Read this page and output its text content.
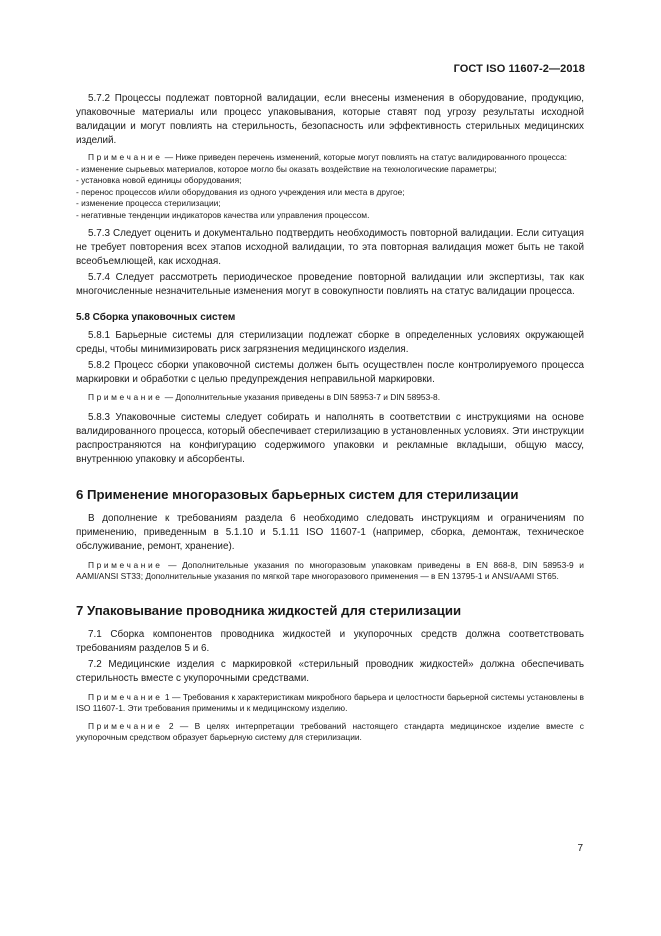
ГОСТ ISO 11607-2—2018

5.7.2 Процессы подлежат повторной валидации, если внесены изменения в оборудование, продукцию, упаковочные материалы или процесс упаковывания, которые ставят под угрозу результаты исходной валидации и могут повлиять на стерильность, безопасность или эффективность стерильных медицинских изделий.

Примечание — Ниже приведен перечень изменений, которые могут повлиять на статус валидированного процесса:

- изменение сырьевых материалов, которое могло бы оказать воздействие на технологические параметры;
- установка новой единицы оборудования;
- перенос процессов и/или оборудования из одного учреждения или места в другое;
- изменение процесса стерилизации;
- негативные тенденции индикаторов качества или управления процессом.

5.7.3 Следует оценить и документально подтвердить необходимость повторной валидации. Если ситуация не требует повторения всех этапов исходной валидации, то эта повторная валидация может быть не такой всеобъемлющей, как исходная.

5.7.4 Следует рассмотреть периодическое проведение повторной валидации или экспертизы, так как многочисленные незначительные изменения могут в совокупности повлиять на статус валидации процесса.

5.8 Сборка упаковочных систем

5.8.1 Барьерные системы для стерилизации подлежат сборке в определенных условиях окружающей среды, чтобы минимизировать риск загрязнения медицинского изделия.

5.8.2 Процесс сборки упаковочной системы должен быть осуществлен после контролируемого процесса маркировки и обработки с целью предупреждения неправильной маркировки.

Примечание — Дополнительные указания приведены в DIN 58953-7 и DIN 58953-8.

5.8.3 Упаковочные системы следует собирать и наполнять в соответствии с инструкциями на основе валидированного процесса, который обеспечивает стерилизацию в установленных условиях. Эти инструкции распространяются на конфигурацию содержимого упаковки и рекламные вкладыши, общую массу, внутреннюю упаковку и абсорбенты.

6 Применение многоразовых барьерных систем для стерилизации

В дополнение к требованиям раздела 6 необходимо следовать инструкциям и ограничениям по применению, приведенным в 5.1.10 и 5.1.11 ISO 11607-1 (например, сборка, демонтаж, техническое обслуживание, ремонт, хранение).

Примечание — Дополнительные указания по многоразовым упаковкам приведены в EN 868-8, DIN 58953-9 и AAMI/ANSI ST33; Дополнительные указания по мягкой таре многоразового применения — в EN 13795-1 и ANSI/AAMI ST65.

7 Упаковывание проводника жидкостей для стерилизации

7.1 Сборка компонентов проводника жидкостей и укупорочных средств должна соответствовать требованиям разделов 5 и 6.

7.2 Медицинские изделия с маркировкой «стерильный проводник жидкостей» должна обеспечивать стерильность вместе с укупорочными средствами.

Примечание 1 — Требования к характеристикам микробного барьера и целостности барьерной системы установлены в ISO 11607-1. Эти требования применимы и к медицинскому изделию.

Примечание 2 — В целях интерпретации требований настоящего стандарта медицинское изделие вместе с укупорочным средством образует барьерную систему для стерилизации.

7
